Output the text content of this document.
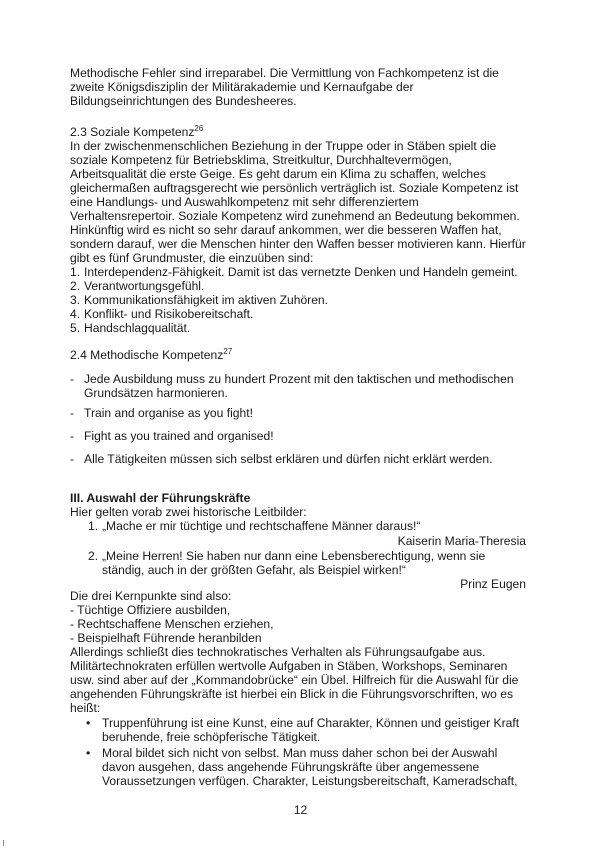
Methodische Fehler sind irreparabel. Die Vermittlung von Fachkompetenz ist die

zweite Königsdisziplin der Militärakademie und Kernaufgabe der

Bildungseinrichtungen des Bundesheeres.

2.3 Soziale Kompetenz$^{26}$

In der zwischenmenschlichen Beziehung in der Truppe oder in Stäben spielt die

soziale Kompetenz für Betriebsklima, Streitkultur, Durchhaltevermögen,

Arbeitsqualität die erste Geige. Es geht darum ein Klima zu schaffen, welches

gleichermaßen auftragsgerecht wie persönlich verträglich ist. Soziale Kompetenz ist

eine Handlungs- und Auswahlkompetenz mit sehr differenziertem

Verhaltensrepertoir. Soziale Kompetenz wird zunehmend an Bedeutung bekommen.

Hinkünftig wird es nicht so sehr darauf ankommen, wer die besseren Waffen hat,

sondern darauf, wer die Menschen hinter den Waffen besser motivieren kann. Hierfür

gibt es fünf Grundmuster, die einzuüben sind:

1. Interdependenz-Fähigkeit. Damit ist das vernetzte Denken und Handeln gemeint.
2. Verantwortungsgefühl.
3. Kommunikationsfähigkeit im aktiven Zuhören.
4. Konflikt- und Risikobereitschaft.
5. Handschlagqualität.
2.4 Methodische Kompetenz$^{27}$
- Jede Ausbildung muss zu hundert Prozent mit den taktischen und methodischen

Grundsätzen harmonieren.

- Train and organise as you fight!

- Fight as you trained and organised!

- Alle Tätigkeiten müssen sich selbst erklären und dürfen nicht erklärt werden.

III. Auswahl der Führungskräfte
Hier gelten vorab zwei historische Leitbilder:
1. „Mache er mir tüchtige und rechtschaffene Männer daraus!“
Kaiserin Maria-Theresia
2. „Meine Herren! Sie haben nur dann eine Lebensberechtigung, wenn sie

ständig, auch in der größten Gefahr, als Beispiel wirken!“

Prinz Eugen

Die drei Kernpunkte sind also:

- Tüchtige Offiziere ausbilden,

- Rechtschaffene Menschen erziehen,

- Beispielhaft Führende heranbilden

Allerdings schließt dies technokratisches Verhalten als Führungsaufgabe aus.

Militärtechnokraten erfüllen wertvolle Aufgaben in Stäben, Workshops, Seminaren

usw. sind aber auf der „Kommandobrücke“ ein Übel. Hilfreich für die Auswahl für die

angehenden Führungskräfte ist hierbei ein Blick in die Führungsvorschriften, wo es

heißt:

• Truppenführung ist eine Kunst, eine auf Charakter, Können und geistiger Kraft

beruhende, freie schöpferische Tätigkeit.

• Moral bildet sich nicht von selbst. Man muss daher schon bei der Auswahl

davon ausgehen, dass angehende Führungskräfte über angemessene

Voraussetzungen verfügen. Charakter, Leistungsbereitschaft, Kameradschaft,

12
